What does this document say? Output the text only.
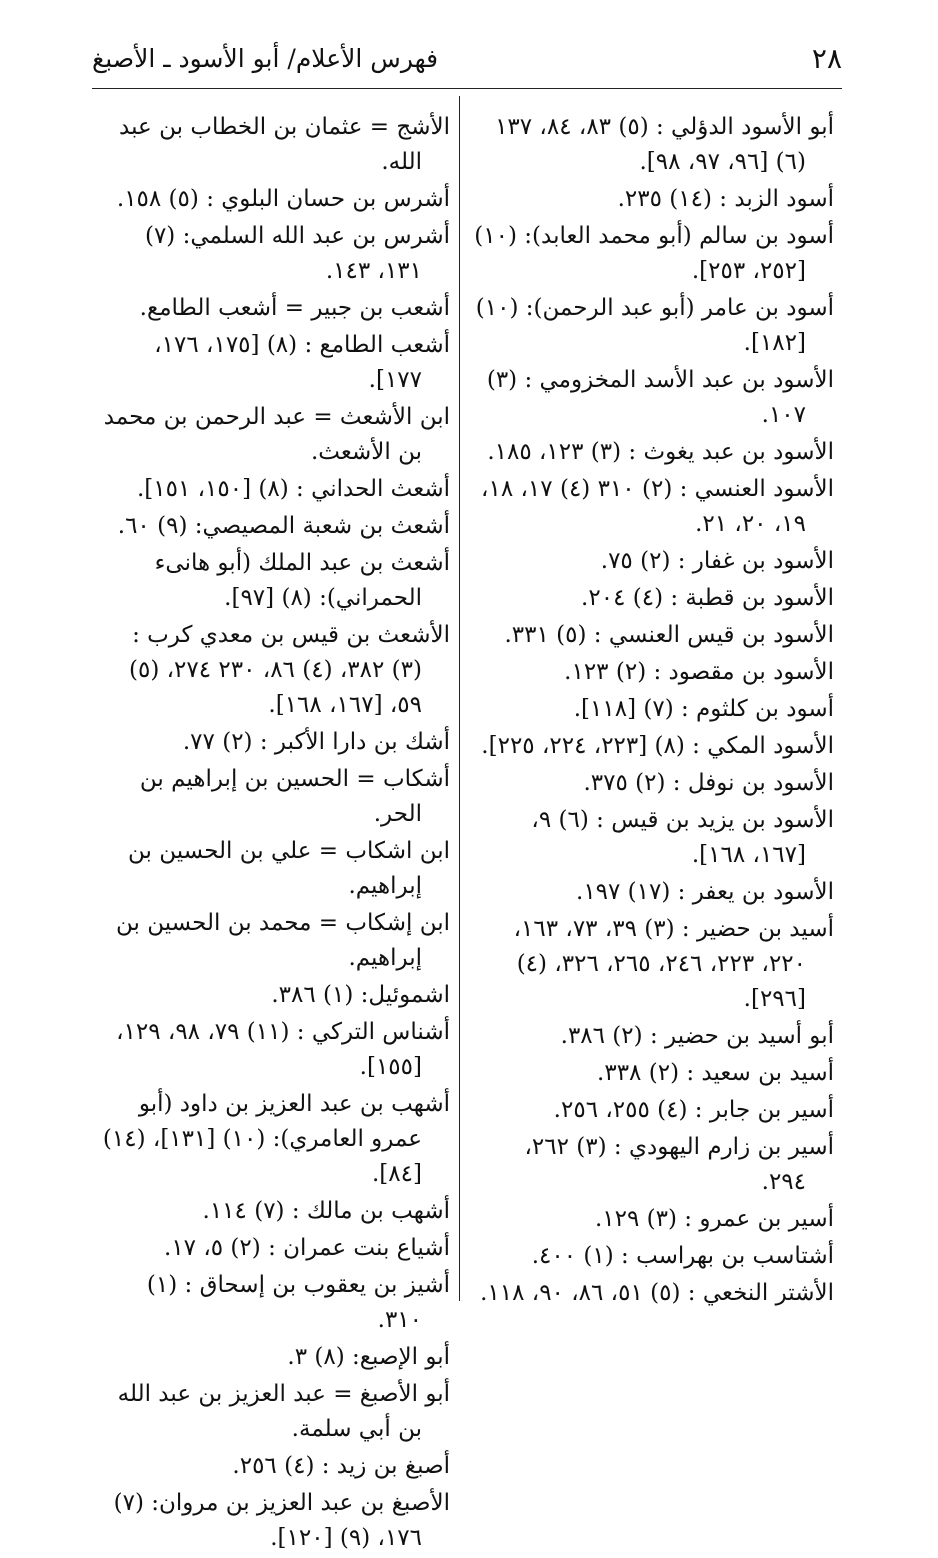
٢٨
فهرس الأعلام/ أبو الأسود ـ الأصبغ

أبو الأسود الدؤلي : (٥) ٨٣، ٨٤، ١٣٧ (٦) [٩٦، ٩٧، ٩٨].

أسود الزبد : (١٤) ٢٣٥.

أسود بن سالم (أبو محمد العابد): (١٠) [٢٥٢، ٢٥٣].

أسود بن عامر (أبو عبد الرحمن): (١٠) [١٨٢].

الأسود بن عبد الأسد المخزومي : (٣) ١٠٧.

الأسود بن عبد يغوث : (٣) ١٢٣، ١٨٥.

الأسود العنسي : (٢) ٣١٠ (٤) ١٧، ١٨، ١٩، ٢٠، ٢١.

الأسود بن غفار : (٢) ٧٥.

الأسود بن قطبة : (٤) ٢٠٤.

الأسود بن قيس العنسي : (٥) ٣٣١.

الأسود بن مقصود : (٢) ١٢٣.

أسود بن كلثوم : (٧) [١١٨].

الأسود المكي : (٨) [٢٢٣، ٢٢٤، ٢٢٥].

الأسود بن نوفل : (٢) ٣٧٥.

الأسود بن يزيد بن قيس : (٦) ٩، [١٦٧، ١٦٨].

الأسود بن يعفر : (١٧) ١٩٧.

أسيد بن حضير : (٣) ٣٩، ٧٣، ١٦٣، ٢٢٠، ٢٢٣، ٢٤٦، ٢٦٥، ٣٢٦، (٤) [٢٩٦].

أبو أسيد بن حضير : (٢) ٣٨٦.

أسيد بن سعيد : (٢) ٣٣٨.

أسير بن جابر : (٤) ٢٥٥، ٢٥٦.

أسير بن زارم اليهودي : (٣) ٢٦٢، ٢٩٤.

أسير بن عمرو : (٣) ١٢٩.

أشتاسب بن بهراسب : (١) ٤٠٠.

الأشتر النخعي : (٥) ٥١، ٨٦، ٩٠، ١١٨.

الأشج = عثمان بن الخطاب بن عبد الله.

أشرس بن حسان البلوي : (٥) ١٥٨.

أشرس بن عبد الله السلمي: (٧) ١٣١، ١٤٣.

أشعب بن جبير = أشعب الطامع.

أشعب الطامع : (٨) [١٧٥، ١٧٦، ١٧٧].

ابن الأشعث = عبد الرحمن بن محمد بن الأشعث.

أشعث الحداني : (٨) [١٥٠، ١٥١].

أشعث بن شعبة المصيصي: (٩) ٦٠.

أشعث بن عبد الملك (أبو هانىء الحمراني): (٨) [٩٧].

الأشعث بن قيس بن معدي كرب : (٣) ٣٨٢، (٤) ٨٦، ٢٣٠ ٢٧٤، (٥) ٥٩، [١٦٧، ١٦٨].

أشك بن دارا الأكبر : (٢) ٧٧.

أشكاب = الحسين بن إبراهيم بن الحر.

ابن اشكاب = علي بن الحسين بن إبراهيم.

ابن إشكاب = محمد بن الحسين بن إبراهيم.

اشموئيل: (١) ٣٨٦.

أشناس التركي : (١١) ٧٩، ٩٨، ١٢٩، [١٥٥].

أشهب بن عبد العزيز بن داود (أبو عمرو العامري): (١٠) [١٣١]، (١٤) [٨٤].

أشهب بن مالك : (٧) ١١٤.

أشياع بنت عمران : (٢) ٥، ١٧.

أشيز بن يعقوب بن إسحاق : (١) ٣١٠.

أبو الإصبع: (٨) ٣.

أبو الأصبغ = عبد العزيز بن عبد الله بن أبي سلمة.

أصبغ بن زيد : (٤) ٢٥٦.

الأصبغ بن عبد العزيز بن مروان: (٧) ١٧٦، (٩) [١٢٠].
